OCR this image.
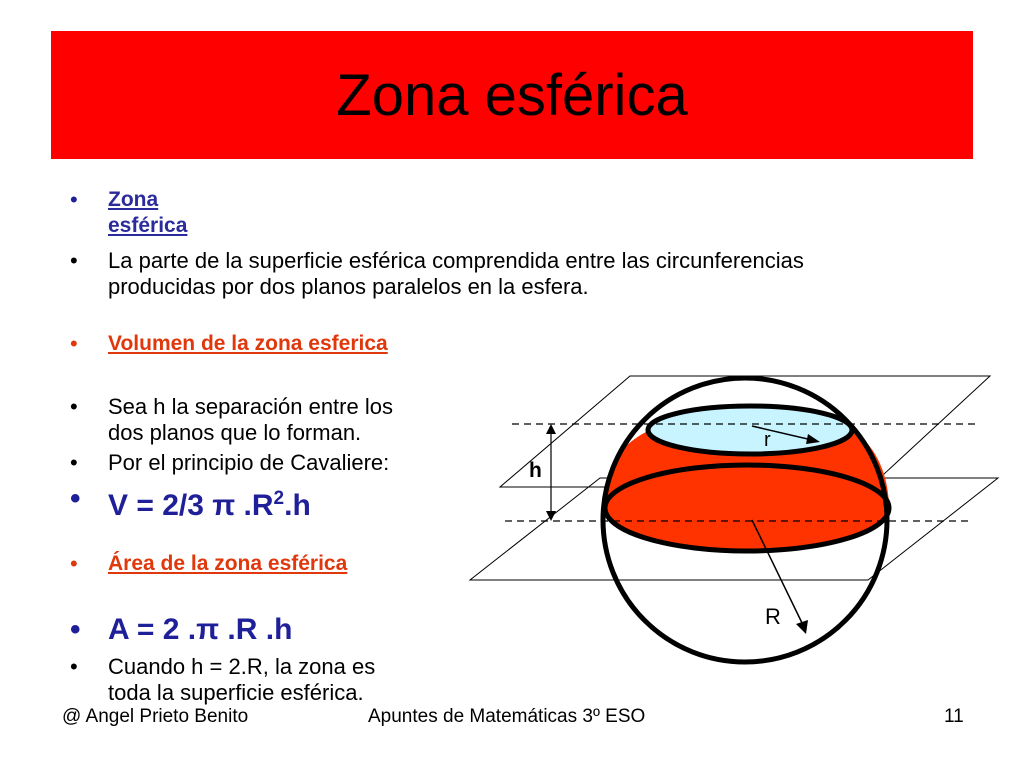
Zona esférica
• Zona esférica
• La parte de la superficie esférica comprendida entre las circunferencias
producidas por dos planos paralelos en la esfera.
• Volumen de la zona esferica
• Sea h la separación entre los
dos planos que lo forman.
• Por el principio de Cavaliere:
• V = 2/3 π $.R^2.h$
• Área de la zona esférica
• A = 2 .π .R .h
• Cuando h = 2.R, la zona es
toda la superficie esférica.
r
h
R
@ Angel Prieto Benito	Apuntes de Matemáticas 3º ESO	11
